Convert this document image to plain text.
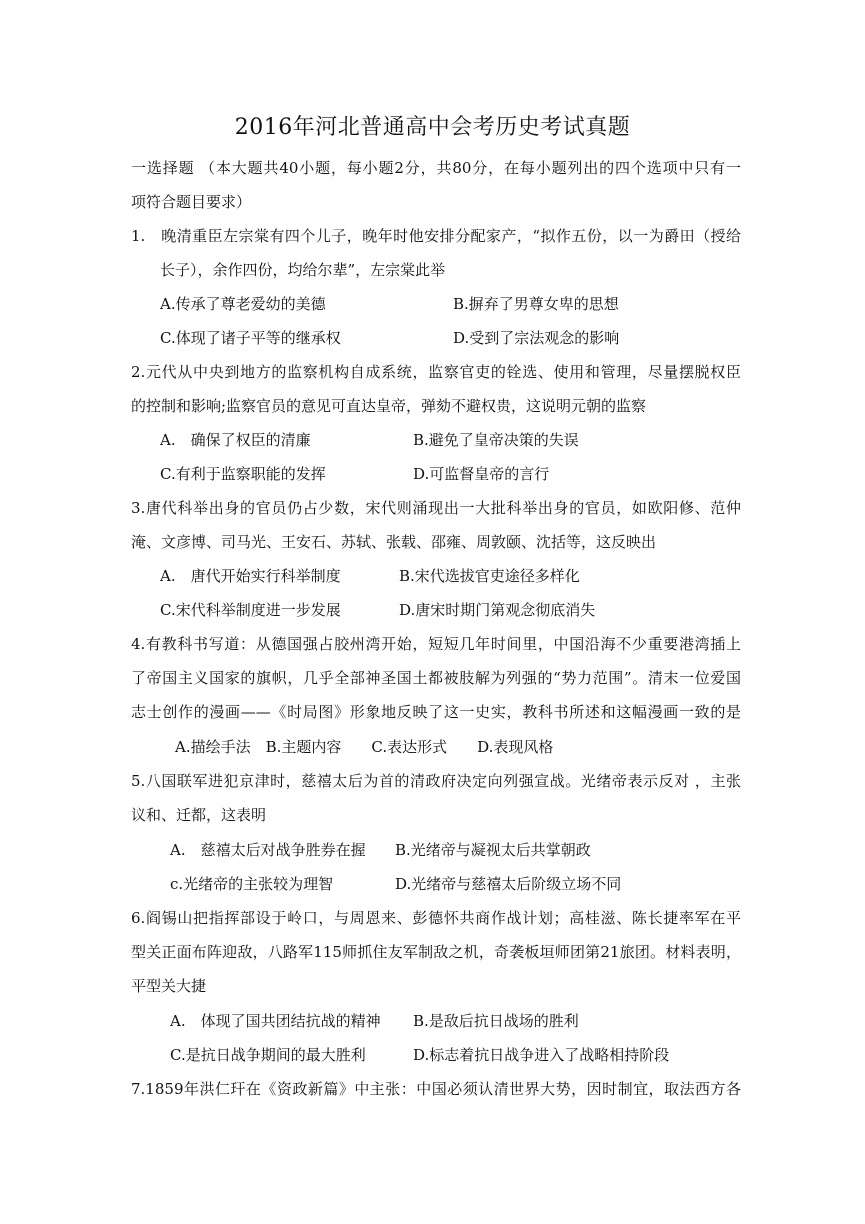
2016年河北普通高中会考历史考试真题
一选择题 （本大题共40小题，每小题2分，共80分，在每小题列出的四个选项中只有一
项符合题目要求）
1.　晚清重臣左宗棠有四个儿子，晚年时他安排分配家产，“拟作五份，以一为爵田（授给
长子），余作四份，均给尔辈”，左宗棠此举
A.传承了尊老爱幼的美德	B.摒弃了男尊女卑的思想
C.体现了诸子平等的继承权	D.受到了宗法观念的影响
2.元代从中央到地方的监察机构自成系统，监察官吏的铨选、使用和管理，尽量摆脱权臣
的控制和影响;监察官员的意见可直达皇帝，弹劾不避权贵，这说明元朝的监察
A.　确保了权臣的清廉	B.避免了皇帝决策的失误
C.有利于监察职能的发挥	D.可监督皇帝的言行
3.唐代科举出身的官员仍占少数，宋代则涌现出一大批科举出身的官员，如欧阳修、范仲
淹、文彦博、司马光、王安石、苏轼、张载、邵雍、周敦颐、沈括等，这反映出
A.　唐代开始实行科举制度	B.宋代选拔官吏途径多样化
C.宋代科举制度进一步发展	D.唐宋时期门第观念彻底消失
4.有教科书写道：从德国强占胶州湾开始，短短几年时间里，中国沿海不少重要港湾插上
了帝国主义国家的旗帜，几乎全部神圣国土都被肢解为列强的“势力范围”。清末一位爱国
志士创作的漫画——《时局图》形象地反映了这一史实，教科书所述和这幅漫画一致的是
A.描绘手法　B.主题内容　　C.表达形式　　D.表现风格
5.八国联军进犯京津时，慈禧太后为首的清政府决定向列强宣战。光绪帝表示反对 ，主张
议和、迁都，这表明
A.　慈禧太后对战争胜券在握 B.光绪帝与凝视太后共掌朝政
c.光绪帝的主张较为理智	D.光绪帝与慈禧太后阶级立场不同
6.阎锡山把指挥部设于岭口，与周恩来、彭德怀共商作战计划；高桂滋、陈长捷率军在平
型关正面布阵迎敌，八路军115师抓住友军制敌之机，奇袭板垣师团第21旅团。材料表明，
平型关大捷
A.　体现了国共团结抗战的精神 B.是敌后抗日战场的胜利
C.是抗日战争期间的最大胜利	D.标志着抗日战争进入了战略相持阶段
7.1859年洪仁玕在《资政新篇》中主张：中国必须认清世界大势，因时制宜，取法西方各
